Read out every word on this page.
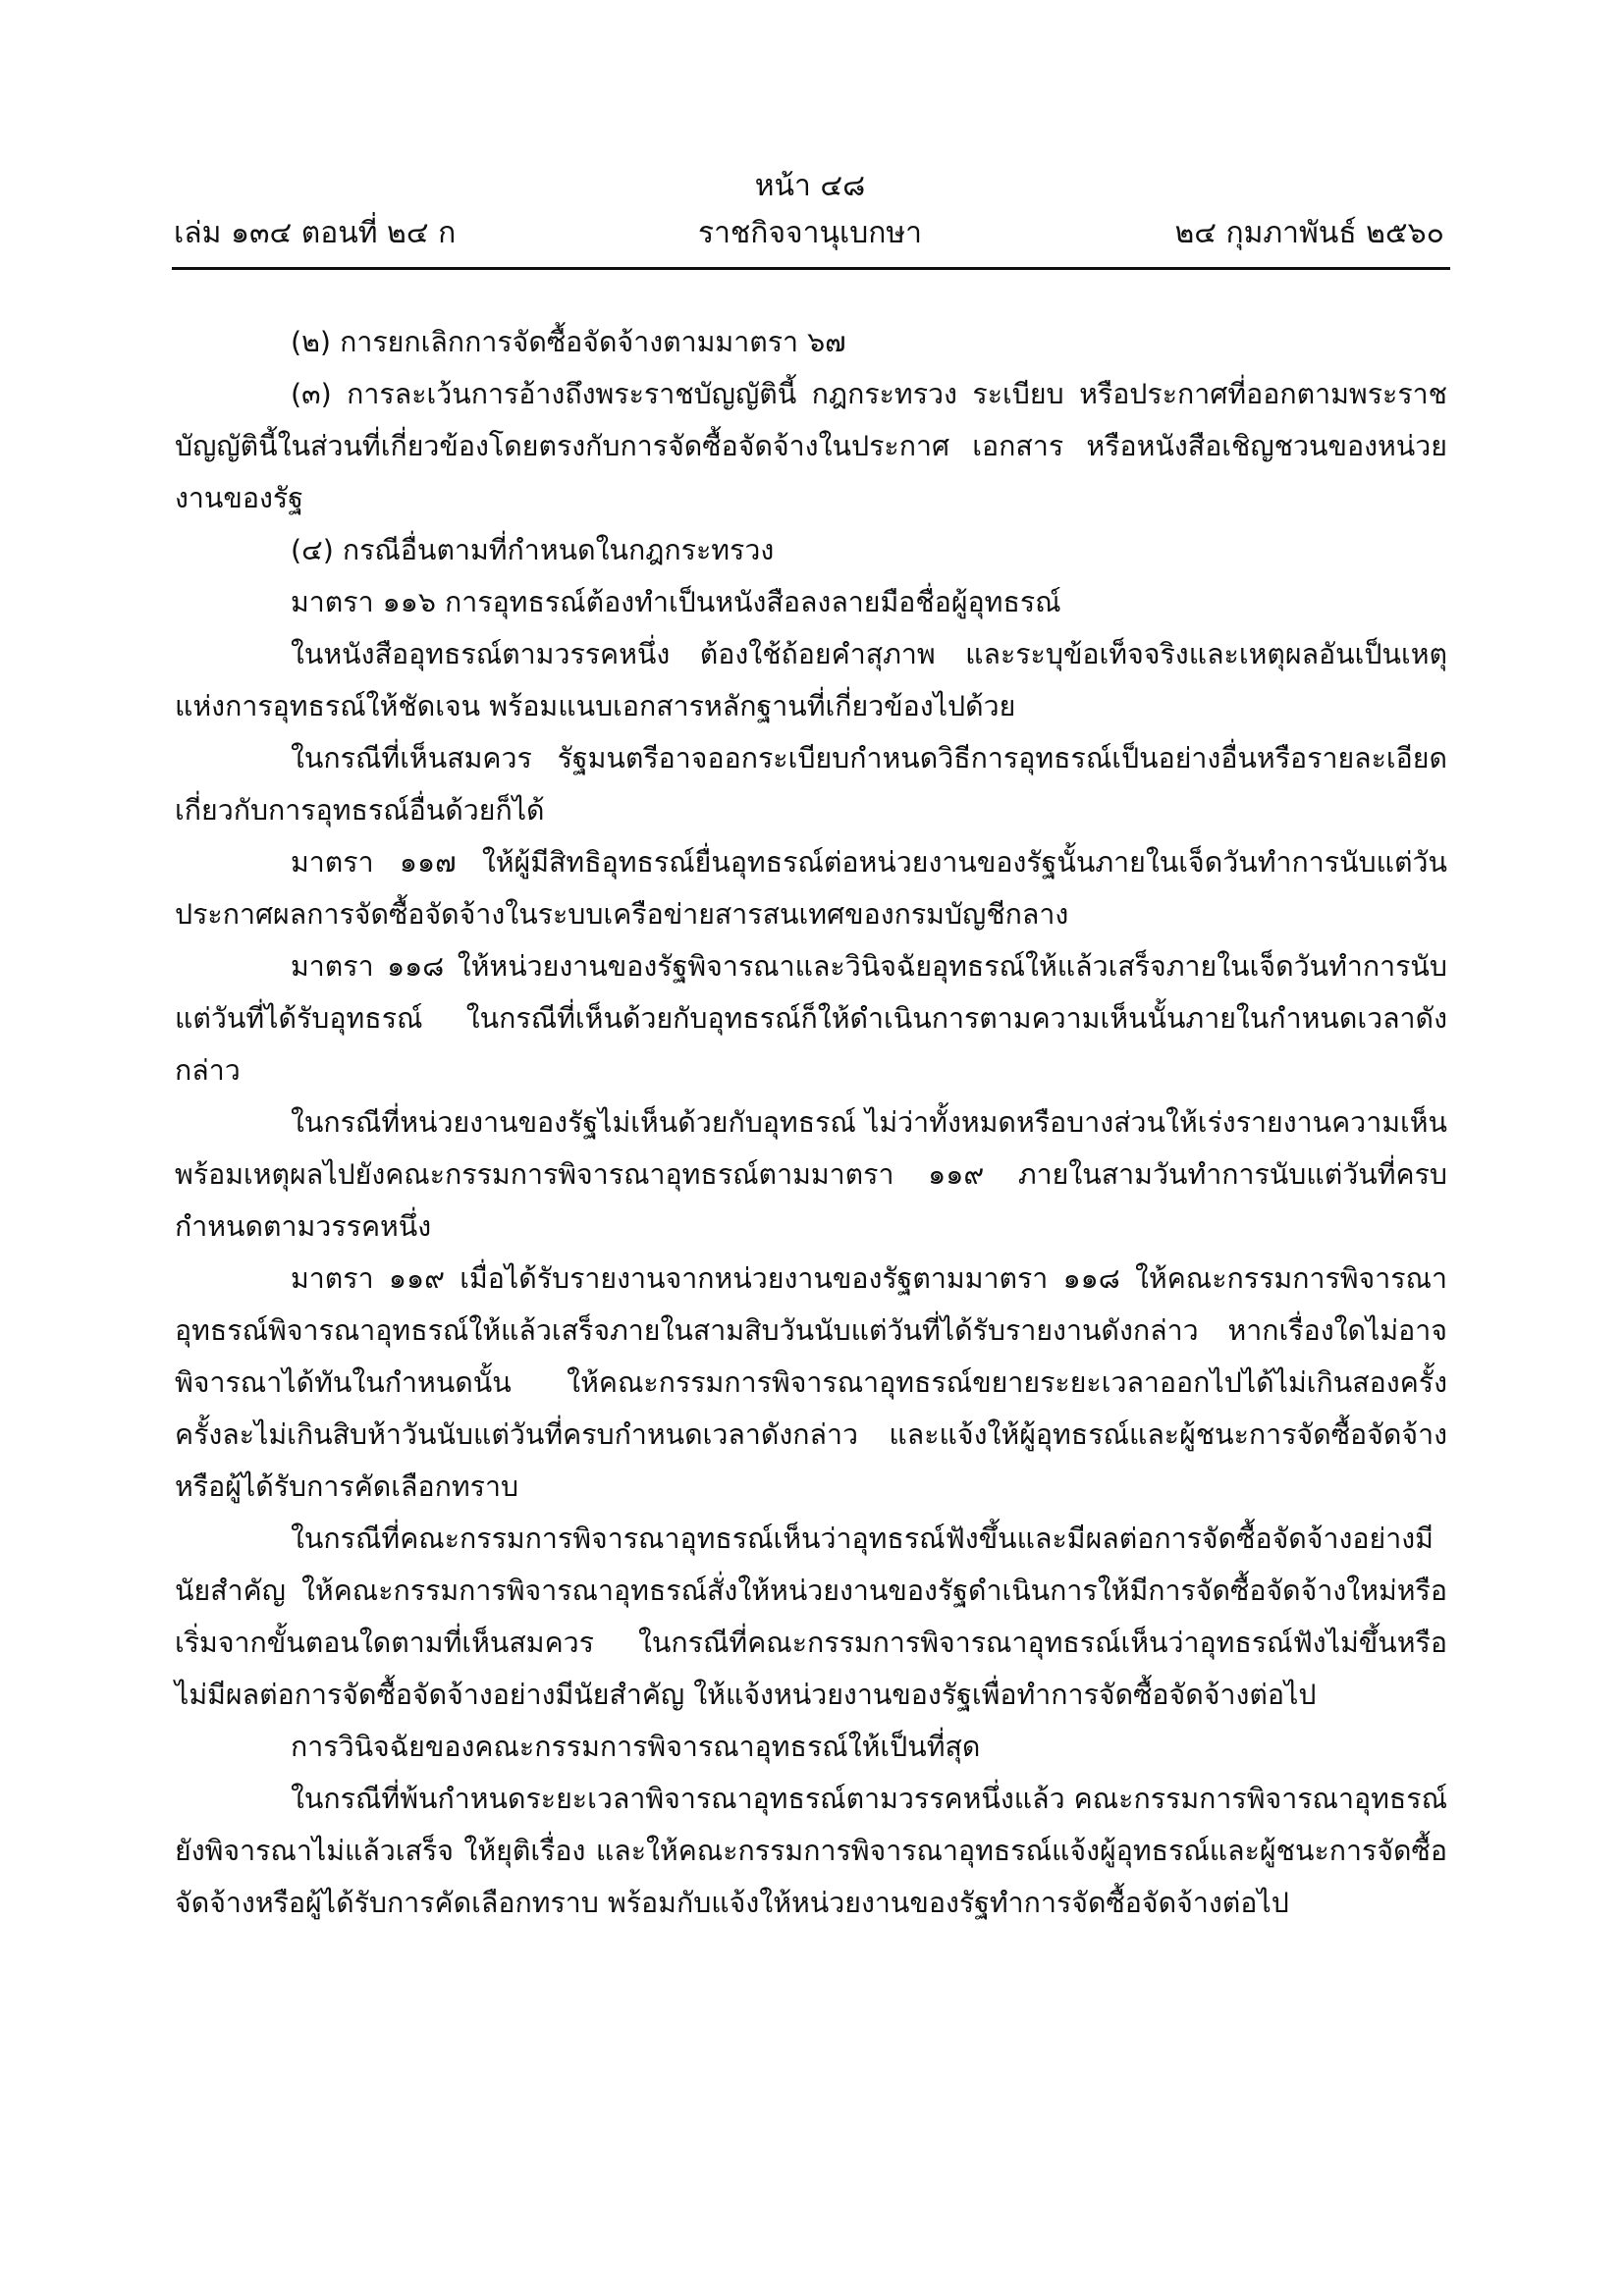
หน้า ๔๘
เล่ม ๑๓๔ ตอนที่ ๒๔ ก	ราชกิจจานุเบกษา	๒๔ กุมภาพันธ์ ๒๕๖๐

(๒) การยกเลิกการจัดซื้อจัดจ้างตามมาตรา ๖๗

(๓) การละเว้นการอ้างถึงพระราชบัญญัตินี้ กฎกระทรวง ระเบียบ หรือประกาศที่ออกตามพระราชบัญญัตินี้ในส่วนที่เกี่ยวข้องโดยตรงกับการจัดซื้อจัดจ้างในประกาศ เอกสาร หรือหนังสือเชิญชวนของหน่วยงานของรัฐ

(๔) กรณีอื่นตามที่กำหนดในกฎกระทรวง

มาตรา ๑๑๖ การอุทธรณ์ต้องทำเป็นหนังสือลงลายมือชื่อผู้อุทธรณ์

ในหนังสืออุทธรณ์ตามวรรคหนึ่ง ต้องใช้ถ้อยคำสุภาพ และระบุข้อเท็จจริงและเหตุผลอันเป็นเหตุแห่งการอุทธรณ์ให้ชัดเจน พร้อมแนบเอกสารหลักฐานที่เกี่ยวข้องไปด้วย

ในกรณีที่เห็นสมควร รัฐมนตรีอาจออกระเบียบกำหนดวิธีการอุทธรณ์เป็นอย่างอื่นหรือรายละเอียดเกี่ยวกับการอุทธรณ์อื่นด้วยก็ได้

มาตรา ๑๑๗ ให้ผู้มีสิทธิอุทธรณ์ยื่นอุทธรณ์ต่อหน่วยงานของรัฐนั้นภายในเจ็ดวันทำการนับแต่วันประกาศผลการจัดซื้อจัดจ้างในระบบเครือข่ายสารสนเทศของกรมบัญชีกลาง

มาตรา ๑๑๘ ให้หน่วยงานของรัฐพิจารณาและวินิจฉัยอุทธรณ์ให้แล้วเสร็จภายในเจ็ดวันทำการนับแต่วันที่ได้รับอุทธรณ์ ในกรณีที่เห็นด้วยกับอุทธรณ์ก็ให้ดำเนินการตามความเห็นนั้นภายในกำหนดเวลาดังกล่าว

ในกรณีที่หน่วยงานของรัฐไม่เห็นด้วยกับอุทธรณ์ ไม่ว่าทั้งหมดหรือบางส่วนให้เร่งรายงานความเห็นพร้อมเหตุผลไปยังคณะกรรมการพิจารณาอุทธรณ์ตามมาตรา ๑๑๙ ภายในสามวันทำการนับแต่วันที่ครบกำหนดตามวรรคหนึ่ง

มาตรา ๑๑๙ เมื่อได้รับรายงานจากหน่วยงานของรัฐตามมาตรา ๑๑๘ ให้คณะกรรมการพิจารณาอุทธรณ์พิจารณาอุทธรณ์ให้แล้วเสร็จภายในสามสิบวันนับแต่วันที่ได้รับรายงานดังกล่าว หากเรื่องใดไม่อาจพิจารณาได้ทันในกำหนดนั้น ให้คณะกรรมการพิจารณาอุทธรณ์ขยายระยะเวลาออกไปได้ไม่เกินสองครั้ง ครั้งละไม่เกินสิบห้าวันนับแต่วันที่ครบกำหนดเวลาดังกล่าว และแจ้งให้ผู้อุทธรณ์และผู้ชนะการจัดซื้อจัดจ้างหรือผู้ได้รับการคัดเลือกทราบ

ในกรณีที่คณะกรรมการพิจารณาอุทธรณ์เห็นว่าอุทธรณ์ฟังขึ้นและมีผลต่อการจัดซื้อจัดจ้างอย่างมีนัยสำคัญ ให้คณะกรรมการพิจารณาอุทธรณ์สั่งให้หน่วยงานของรัฐดำเนินการให้มีการจัดซื้อจัดจ้างใหม่หรือเริ่มจากขั้นตอนใดตามที่เห็นสมควร ในกรณีที่คณะกรรมการพิจารณาอุทธรณ์เห็นว่าอุทธรณ์ฟังไม่ขึ้นหรือไม่มีผลต่อการจัดซื้อจัดจ้างอย่างมีนัยสำคัญ ให้แจ้งหน่วยงานของรัฐเพื่อทำการจัดซื้อจัดจ้างต่อไป

การวินิจฉัยของคณะกรรมการพิจารณาอุทธรณ์ให้เป็นที่สุด

ในกรณีที่พ้นกำหนดระยะเวลาพิจารณาอุทธรณ์ตามวรรคหนึ่งแล้ว คณะกรรมการพิจารณาอุทธรณ์ยังพิจารณาไม่แล้วเสร็จ ให้ยุติเรื่อง และให้คณะกรรมการพิจารณาอุทธรณ์แจ้งผู้อุทธรณ์และผู้ชนะการจัดซื้อจัดจ้างหรือผู้ได้รับการคัดเลือกทราบ พร้อมกับแจ้งให้หน่วยงานของรัฐทำการจัดซื้อจัดจ้างต่อไป
